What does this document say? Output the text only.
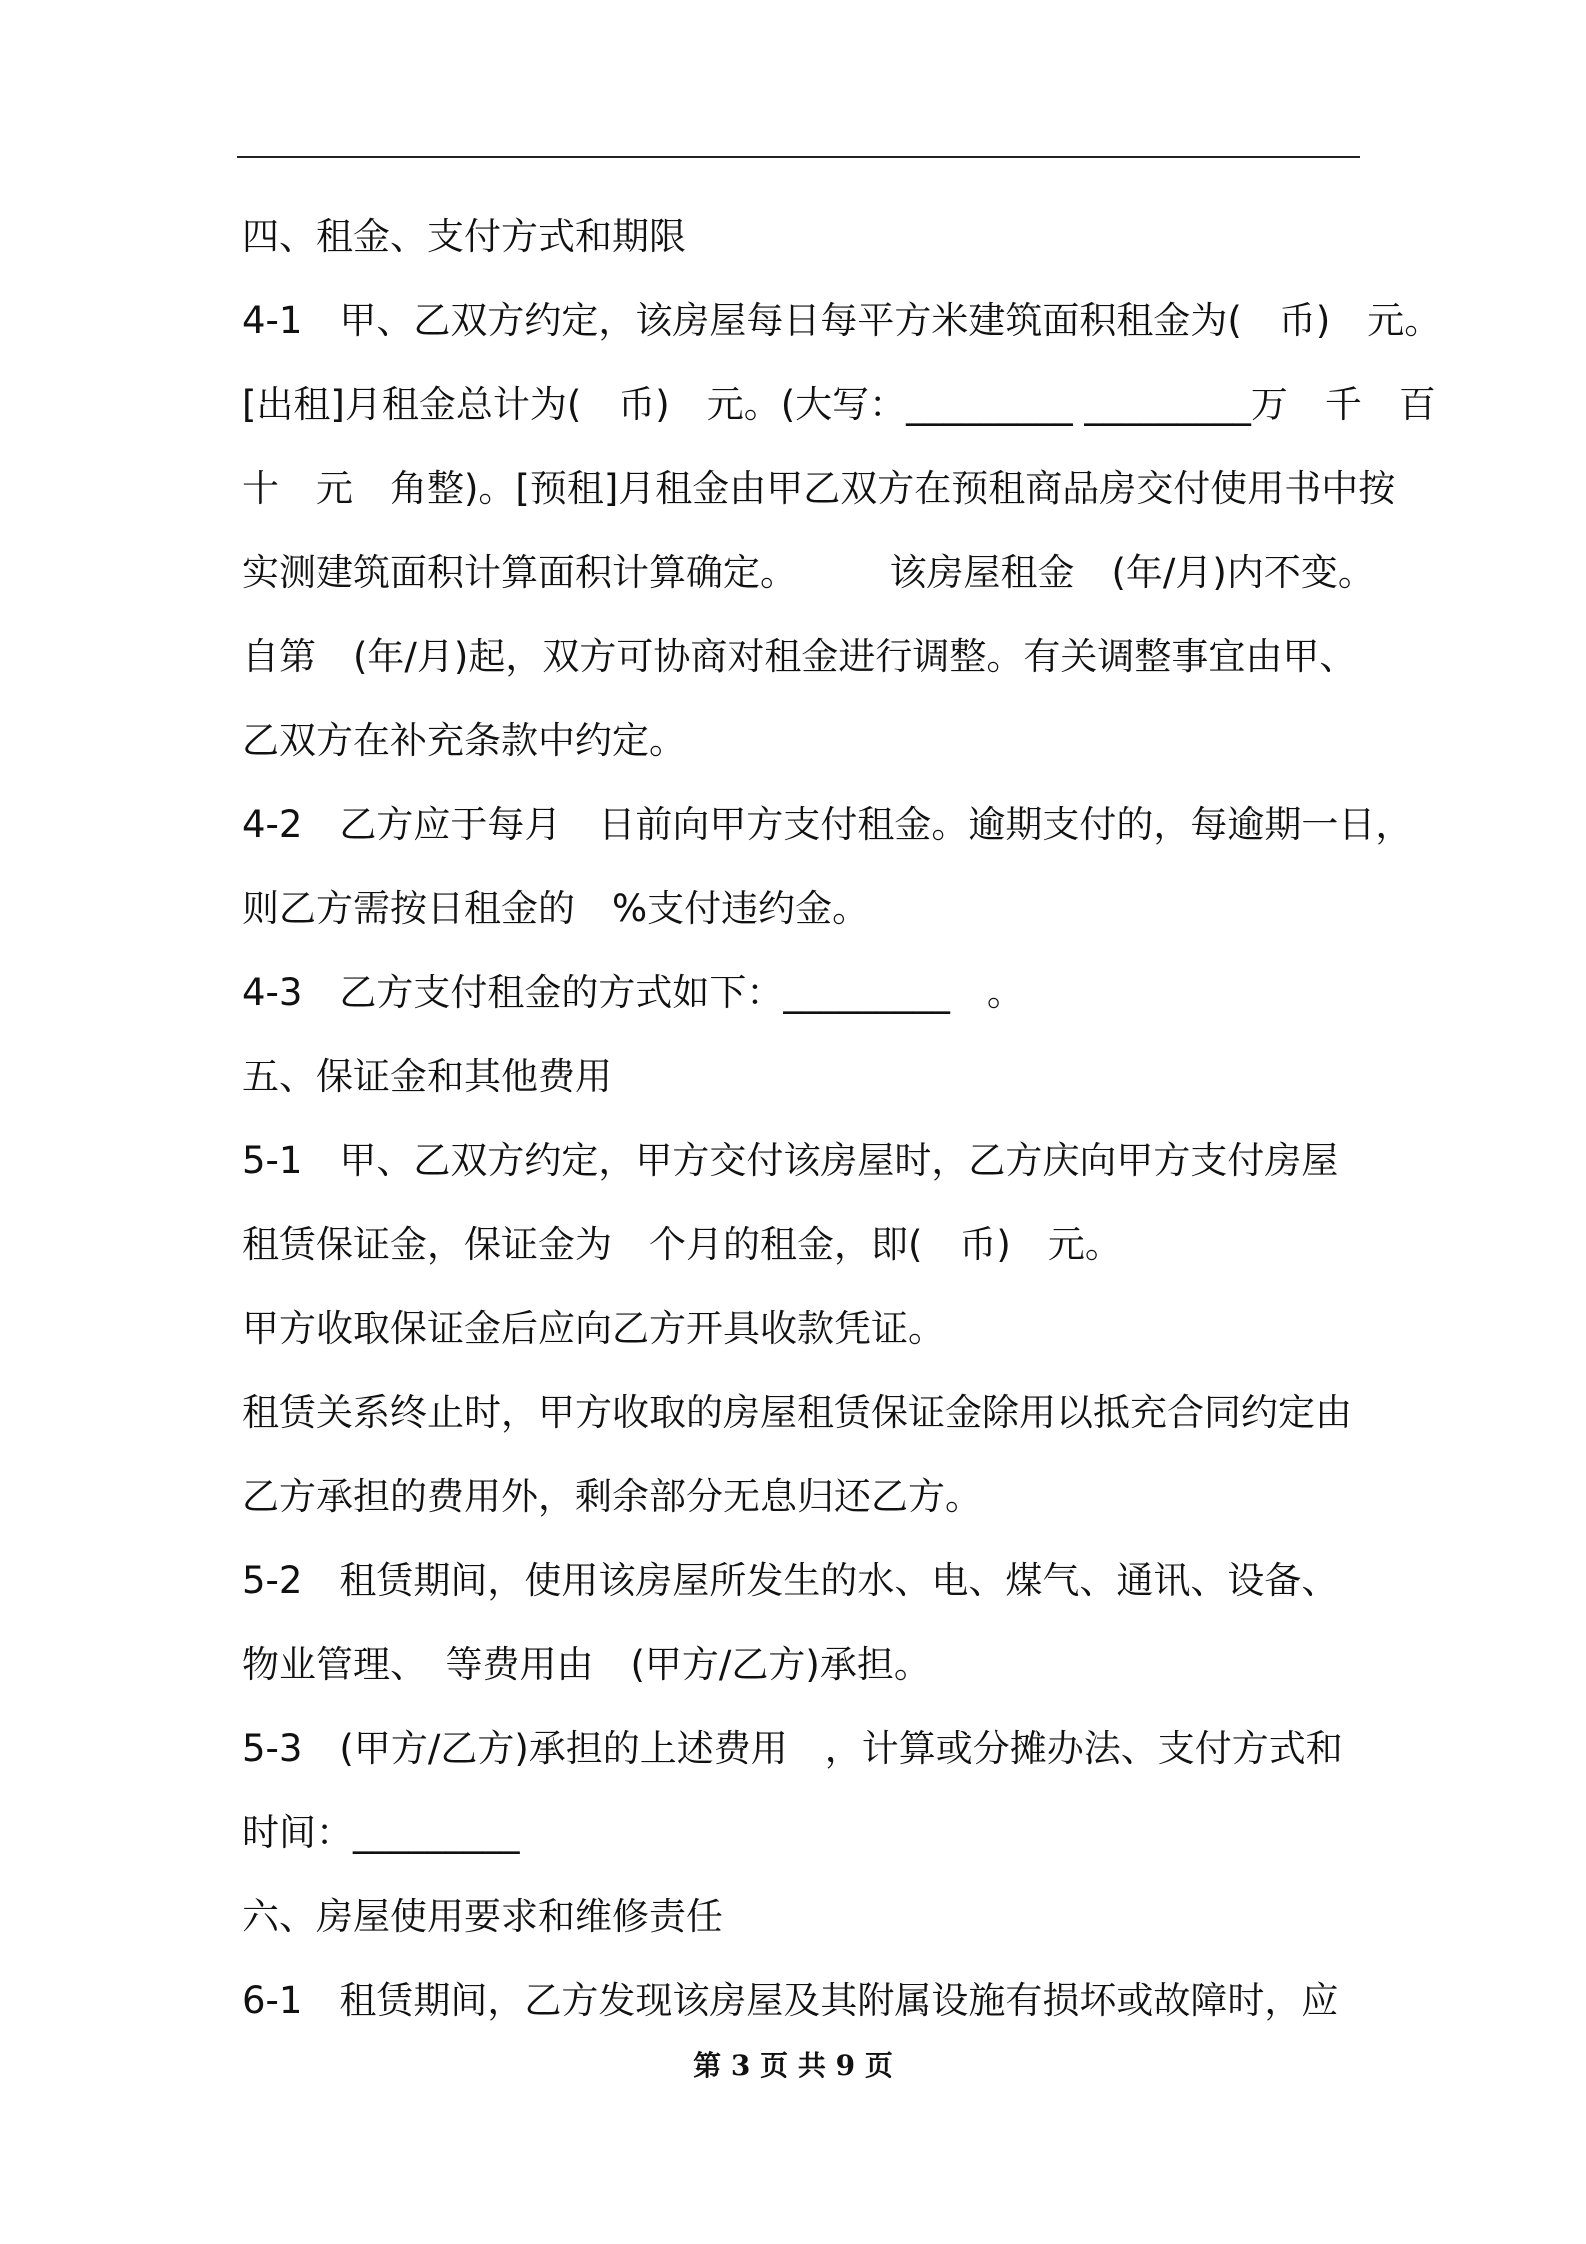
四、租金、支付方式和期限
4-1　甲、乙双方约定，该房屋每日每平方米建筑面积租金为(　币)　元。
[出租]月租金总计为(　币)　元。(大写：_________ _________万　千　百
十　元　角整)。[预租]月租金由甲乙双方在预租商品房交付使用书中按
实测建筑面积计算面积计算确定。　　　该房屋租金　(年/月)内不变。
自第　(年/月)起，双方可协商对租金进行调整。有关调整事宜由甲、
乙双方在补充条款中约定。
4-2　乙方应于每月　日前向甲方支付租金。逾期支付的，每逾期一日，
则乙方需按日租金的　%支付违约金。
4-3　乙方支付租金的方式如下：_________　。
五、保证金和其他费用
5-1　甲、乙双方约定，甲方交付该房屋时，乙方庆向甲方支付房屋
租赁保证金，保证金为　个月的租金，即(　币)　元。
甲方收取保证金后应向乙方开具收款凭证。
租赁关系终止时，甲方收取的房屋租赁保证金除用以抵充合同约定由
乙方承担的费用外，剩余部分无息归还乙方。
5-2　租赁期间，使用该房屋所发生的水、电、煤气、通讯、设备、
物业管理、　等费用由　(甲方/乙方)承担。
5-3　(甲方/乙方)承担的上述费用　，计算或分摊办法、支付方式和
时间：_________
六、房屋使用要求和维修责任
6-1　租赁期间，乙方发现该房屋及其附属设施有损坏或故障时，应
第 3 页 共 9 页
